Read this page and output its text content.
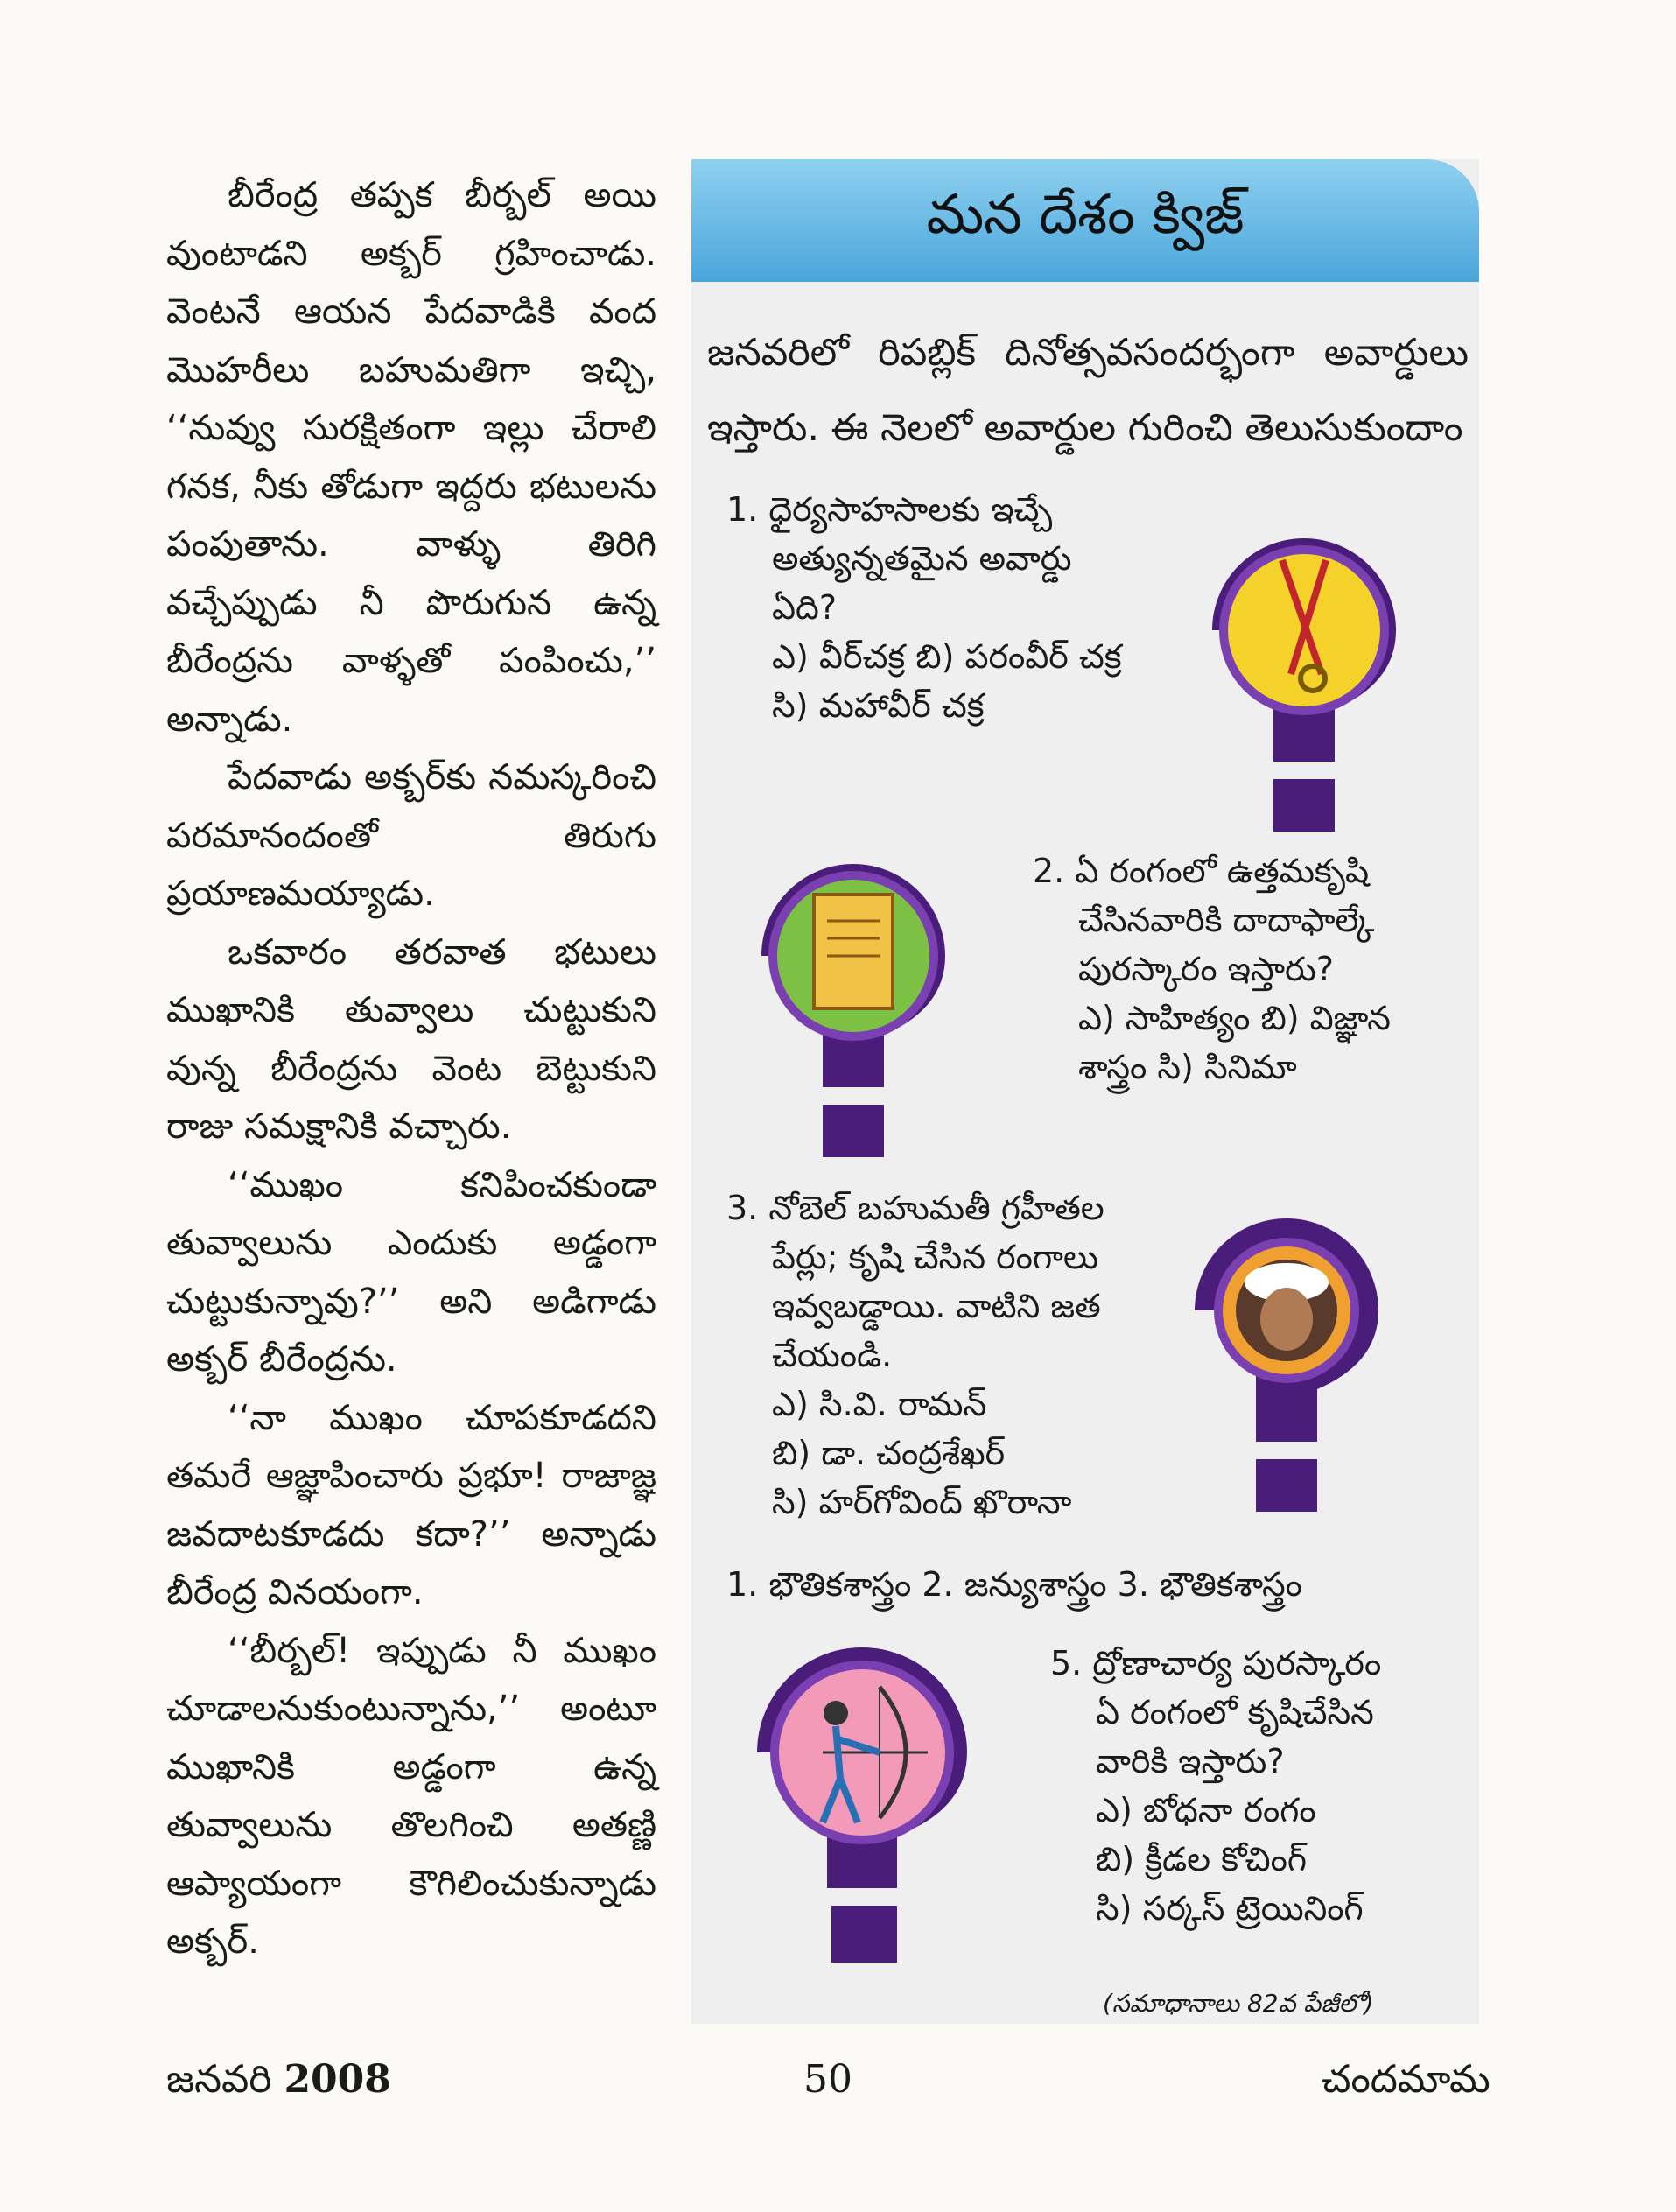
బీరేంద్ర తప్పక బీర్బల్ అయి వుంటాడని అక్బర్ గ్రహించాడు. వెంటనే ఆయన పేదవాడికి వంద మొహరీలు బహుమతిగా ఇచ్చి, ‘‘నువ్వు సురక్షితంగా ఇల్లు చేరాలి గనక, నీకు తోడుగా ఇద్దరు భటులను పంపుతాను. వాళ్ళు తిరిగి వచ్చేప్పుడు నీ పొరుగున ఉన్న బీరేంద్రను వాళ్ళతో పంపించు,’’ అన్నాడు.

పేదవాడు అక్బర్‌కు నమస్కరించి పరమానందంతో తిరుగు ప్రయాణమయ్యాడు.

ఒకవారం తరవాత భటులు ముఖానికి తువ్వాలు చుట్టుకుని వున్న బీరేంద్రను వెంట బెట్టుకుని రాజు సమక్షానికి వచ్చారు.

‘‘ముఖం కనిపించకుండా తువ్వాలును ఎందుకు అడ్డంగా చుట్టుకున్నావు?’’ అని అడిగాడు అక్బర్ బీరేంద్రను.

‘‘నా ముఖం చూపకూడదని తమరే ఆజ్ఞాపించారు ప్రభూ! రాజాజ్ఞ జవదాటకూడదు కదా?’’ అన్నాడు బీరేంద్ర వినయంగా.

‘‘బీర్బల్! ఇప్పుడు నీ ముఖం చూడాలనుకుంటున్నాను,’’ అంటూ ముఖానికి అడ్డంగా ఉన్న తువ్వాలును తొలగించి అతణ్ణి ఆప్యాయంగా కౌగిలించుకున్నాడు అక్బర్.

మన దేశం క్విజ్
జనవరిలో రిపబ్లిక్ దినోత్సవసందర్భంగా అవార్డులు ఇస్తారు. ఈ నెలలో అవార్డుల గురించి తెలుసుకుందాం

1. ధైర్యసాహసాలకు ఇచ్చే

అత్యున్నతమైన అవార్డు

ఏది?

ఎ) వీర్‌చక్ర బి) పరంవీర్ చక్ర

సి) మహావీర్ చక్ర

2. ఏ రంగంలో ఉత్తమకృషి

చేసినవారికి దాదాఫాల్కే

పురస్కారం ఇస్తారు?

ఎ) సాహిత్యం బి) విజ్ఞాన

శాస్త్రం సి) సినిమా

3. నోబెల్ బహుమతీ గ్రహీతల

పేర్లు; కృషి చేసిన రంగాలు

ఇవ్వబడ్డాయి. వాటిని జత

చేయండి.

ఎ) సి.వి. రామన్

బి) డా. చంద్రశేఖర్

సి) హర్‌గోవింద్ ఖొరానా

1. భౌతికశాస్త్రం 2. జన్యుశాస్త్రం 3. భౌతికశాస్త్రం

5. ద్రోణాచార్య పురస్కారం

ఏ రంగంలో కృషిచేసిన

వారికి ఇస్తారు?

ఎ) బోధనా రంగం

బి) క్రీడల కోచింగ్

సి) సర్కస్ ట్రెయినింగ్

(సమాధానాలు 82వ పేజీలో)
జనవరి 2008	50	చందమామ
